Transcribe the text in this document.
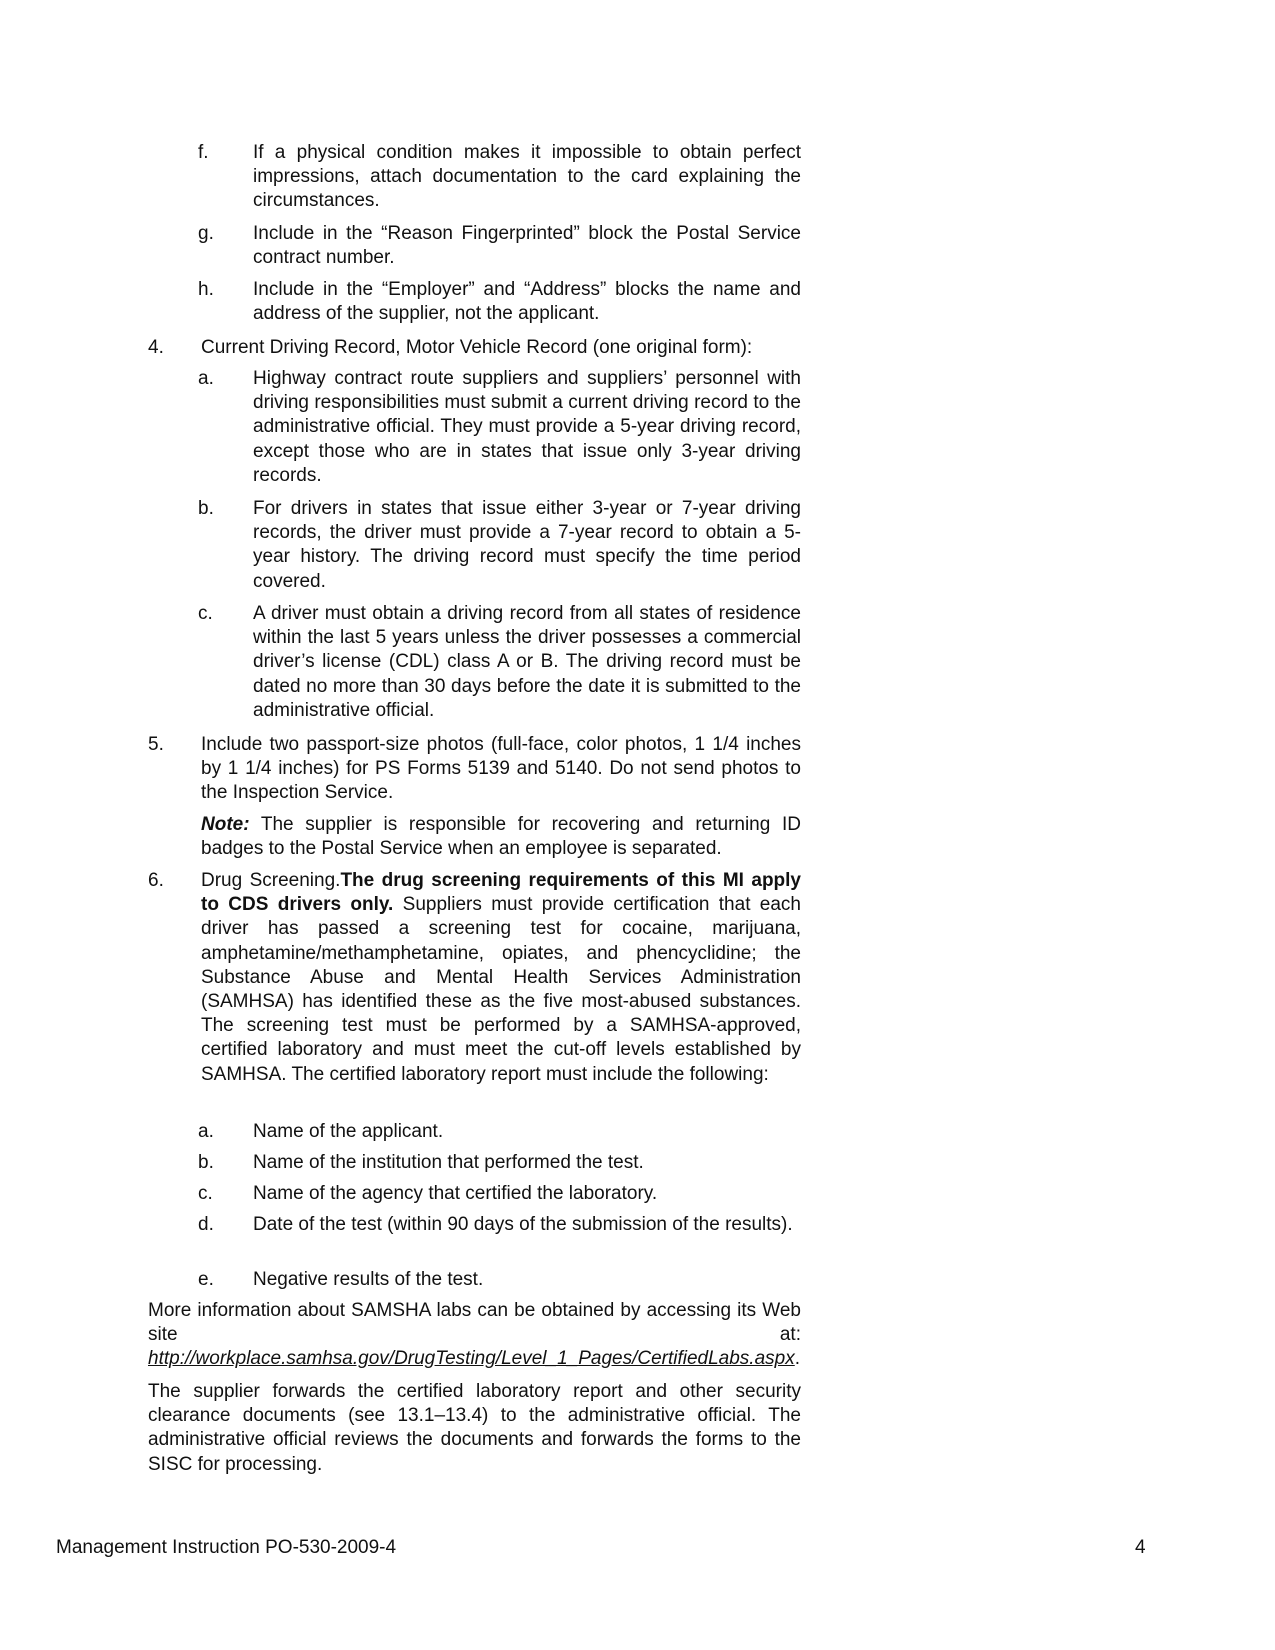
f. If a physical condition makes it impossible to obtain perfect impressions, attach documentation to the card explaining the circumstances.
g. Include in the “Reason Fingerprinted” block the Postal Service contract number.
h. Include in the “Employer” and “Address” blocks the name and address of the supplier, not the applicant.
4. Current Driving Record, Motor Vehicle Record (one original form):
a. Highway contract route suppliers and suppliers’ personnel with driving responsibilities must submit a current driving record to the administrative official. They must provide a 5-year driving record, except those who are in states that issue only 3-year driving records.
b. For drivers in states that issue either 3-year or 7-year driving records, the driver must provide a 7-year record to obtain a 5-year history. The driving record must specify the time period covered.
c. A driver must obtain a driving record from all states of residence within the last 5 years unless the driver possesses a commercial driver’s license (CDL) class A or B. The driving record must be dated no more than 30 days before the date it is submitted to the administrative official.
5. Include two passport-size photos (full-face, color photos, 1 1/4 inches by 1 1/4 inches) for PS Forms 5139 and 5140. Do not send photos to the Inspection Service.
Note: The supplier is responsible for recovering and returning ID badges to the Postal Service when an employee is separated.
6. Drug Screening.The drug screening requirements of this MI apply to CDS drivers only. Suppliers must provide certification that each driver has passed a screening test for cocaine, marijuana, amphetamine/methamphetamine, opiates, and phencyclidine; the Substance Abuse and Mental Health Services Administration (SAMHSA) has identified these as the five most-abused substances. The screening test must be performed by a SAMHSA-approved, certified laboratory and must meet the cut-off levels established by SAMHSA. The certified laboratory report must include the following:
a. Name of the applicant.
b. Name of the institution that performed the test.
c. Name of the agency that certified the laboratory.
d. Date of the test (within 90 days of the submission of the results).
e. Negative results of the test.
More information about SAMSHA labs can be obtained by accessing its Web site at: http://workplace.samhsa.gov/DrugTesting/Level_1_Pages/CertifiedLabs.aspx.
The supplier forwards the certified laboratory report and other security clearance documents (see 13.1–13.4) to the administrative official. The administrative official reviews the documents and forwards the forms to the SISC for processing.
Management Instruction PO-530-2009-4	4
